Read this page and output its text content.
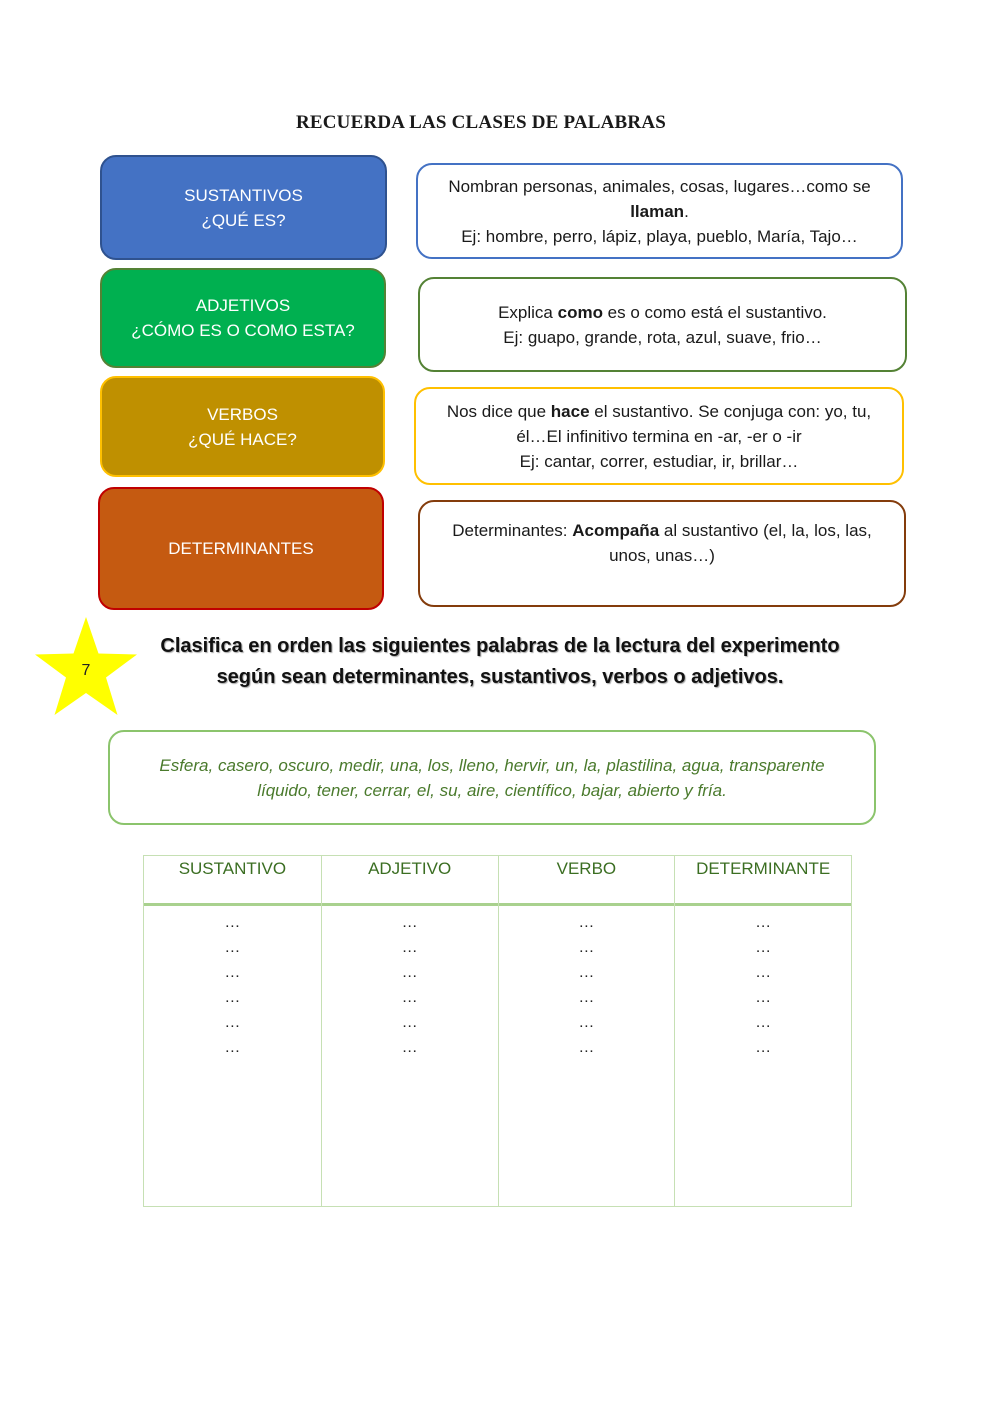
RECUERDA LAS CLASES DE PALABRAS
SUSTANTIVOS
¿QUÉ ES?
ADJETIVOS
¿CÓMO ES O COMO ESTA?
VERBOS
¿QUÉ HACE?
DETERMINANTES
Nombran personas, animales, cosas, lugares…como se
llaman.
Ej: hombre, perro, lápiz, playa, pueblo, María, Tajo…
Explica como es o como está el sustantivo.
Ej: guapo, grande, rota, azul, suave, frio…
Nos dice que hace el sustantivo. Se conjuga con: yo, tu,
él…El infinitivo termina en -ar, -er o -ir
Ej: cantar, correr, estudiar, ir, brillar…
Determinantes: Acompaña al sustantivo (el, la, los, las,
unos, unas…)
7
Clasifica en orden las siguientes palabras de la lectura del experimento
según sean determinantes, sustantivos, verbos o adjetivos.
Esfera, casero, oscuro, medir, una, los, lleno, hervir, un, la, plastilina, agua, transparente
líquido, tener, cerrar, el, su, aire, científico, bajar, abierto y fría.
SUSTANTIVO
…
…
…
…
…
…
ADJETIVO
…
…
…
…
…
…
VERBO
…
…
…
…
…
…
DETERMINANTE
…
…
…
…
…
…
